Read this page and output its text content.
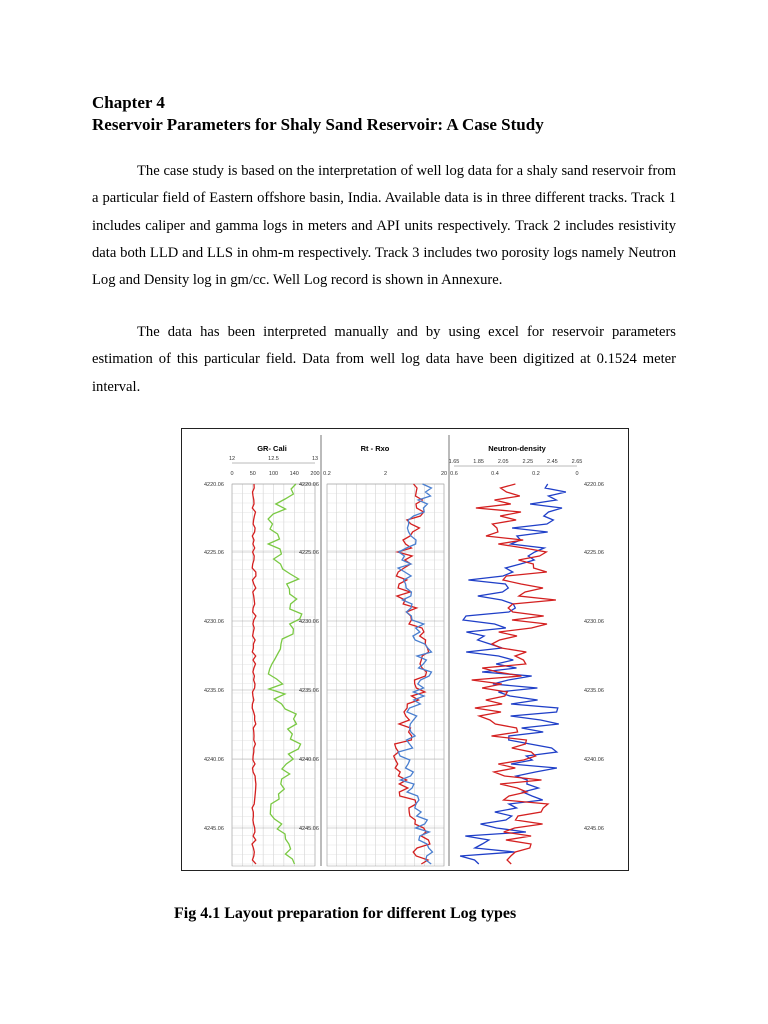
Chapter 4
Reservoir Parameters for Shaly Sand Reservoir: A Case Study
The case study is based on the interpretation of well log data for a shaly sand reservoir from a particular field of Eastern offshore basin, India. Available data is in three different tracks. Track 1 includes caliper and gamma logs in meters and API units respectively. Track 2 includes resistivity data both LLD and LLS in ohm-m respectively. Track 3 includes two porosity logs namely Neutron Log and Density log in gm/cc. Well Log record is shown in Annexure.
The data has been interpreted manually and by using excel for reservoir parameters estimation of this particular field. Data from well log data have been digitized at 0.1524 meter interval.
GR- Cali
12	12.5	13
0	50 100 140 200
4220.06
4225.06
4230.06
4235.06
4240.06
4245.06
Rt - Rxo
0.2	2	20
4220.06
4225.06
4230.06
4235.06
4240.06
4245.06
Neutron-density
1.65	1.85	2.05	2.25	2.45	2.65
0.6	0.4	0.2	0
4220.06
4225.06
4230.06
4235.06
4240.06
4245.06
Fig 4.1 Layout preparation for different Log types
